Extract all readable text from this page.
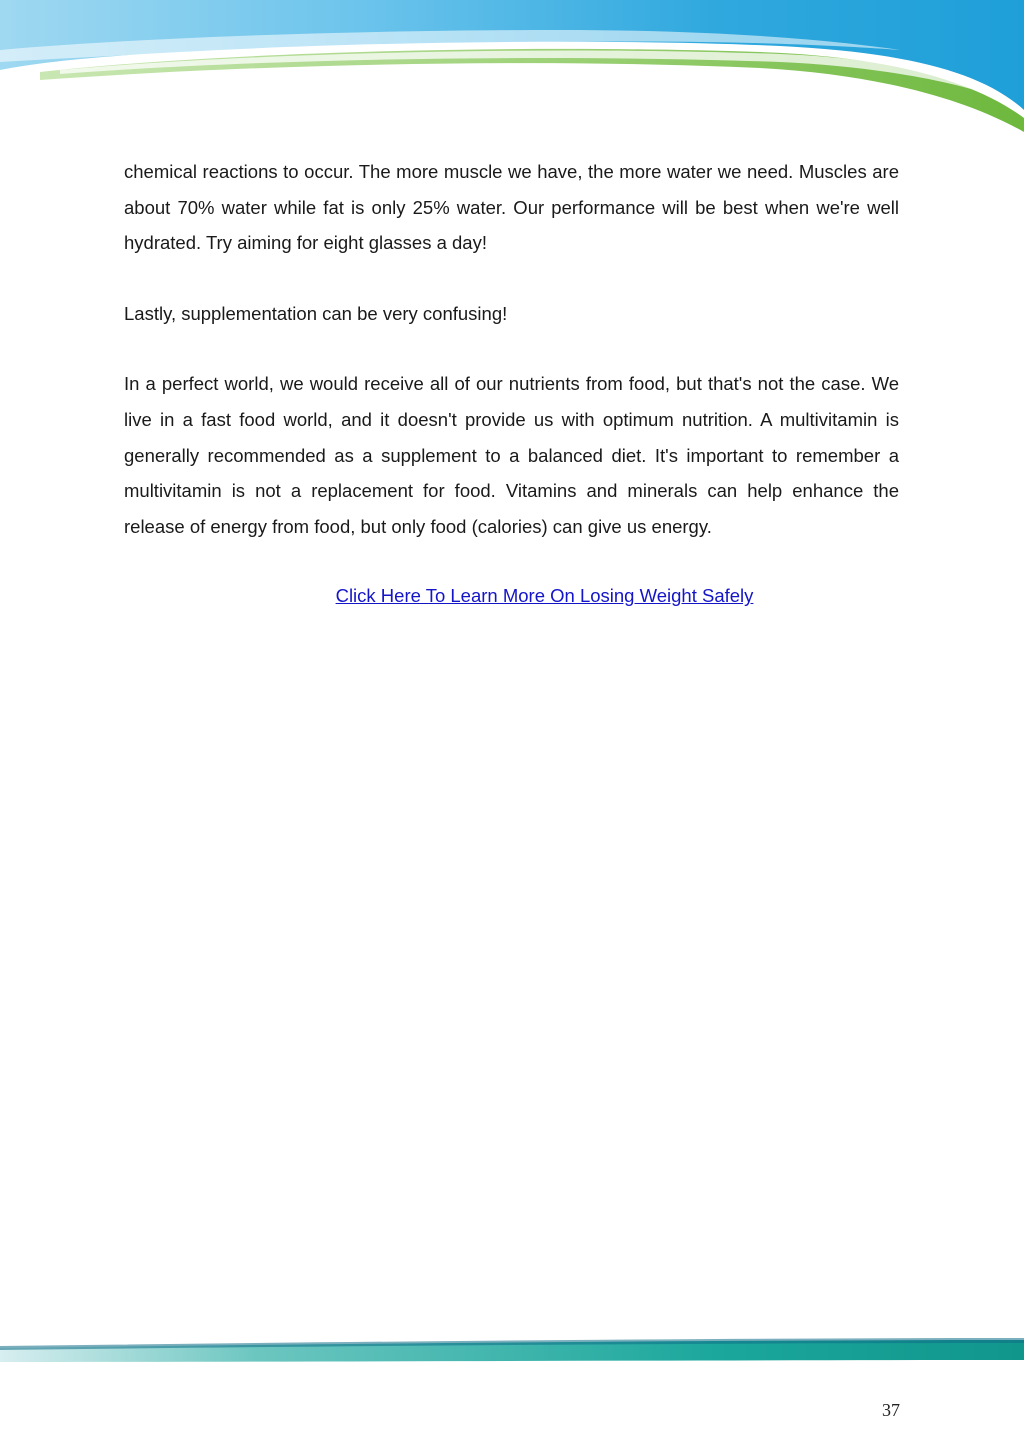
chemical reactions to occur. The more muscle we have, the more water we need. Muscles are about 70% water while fat is only 25% water. Our performance will be best when we're well hydrated. Try aiming for eight glasses a day!

Lastly, supplementation can be very confusing!

In a perfect world, we would receive all of our nutrients from food, but that's not the case. We live in a fast food world, and it doesn't provide us with optimum nutrition. A multivitamin is generally recommended as a supplement to a balanced diet. It's important to remember a multivitamin is not a replacement for food. Vitamins and minerals can help enhance the release of energy from food, but only food (calories) can give us energy.

Click Here To Learn More On Losing Weight Safely
37
